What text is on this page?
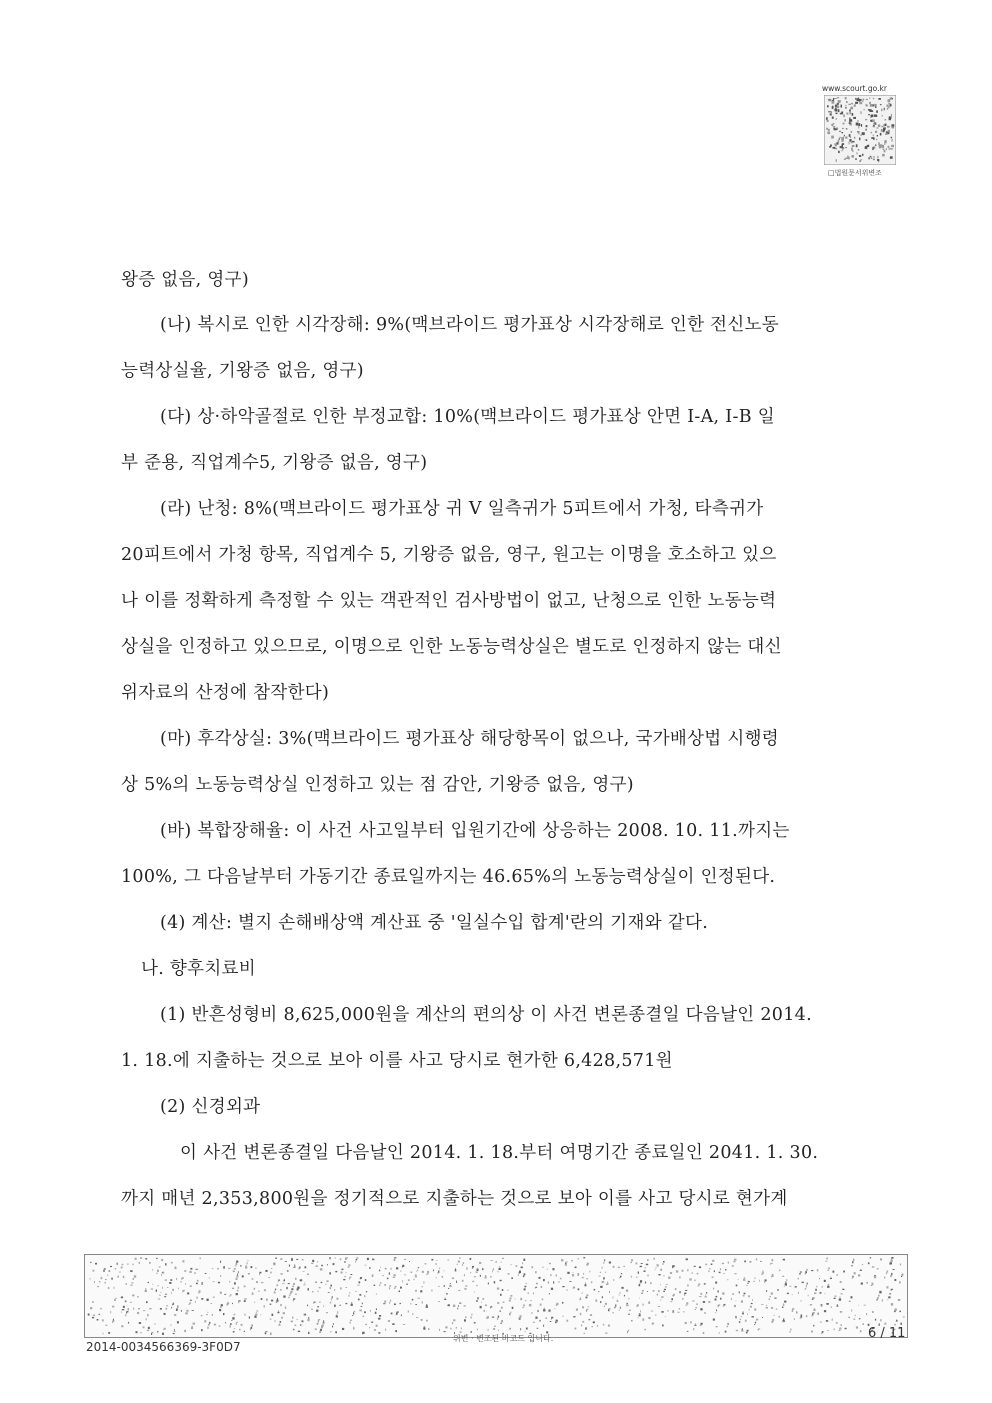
www.scourt.go.kr
□법원문서위변조
왕증 없음, 영구)
(나) 복시로 인한 시각장해: 9%(맥브라이드 평가표상 시각장해로 인한 전신노동
능력상실율, 기왕증 없음, 영구)
(다) 상·하악골절로 인한 부정교합: 10%(맥브라이드 평가표상 안면 I-A, I-B 일
부 준용, 직업계수5, 기왕증 없음, 영구)
(라) 난청: 8%(맥브라이드 평가표상 귀 V 일측귀가 5피트에서 가청, 타측귀가
20피트에서 가청 항목, 직업계수 5, 기왕증 없음, 영구, 원고는 이명을 호소하고 있으
나 이를 정확하게 측정할 수 있는 객관적인 검사방법이 없고, 난청으로 인한 노동능력
상실을 인정하고 있으므로, 이명으로 인한 노동능력상실은 별도로 인정하지 않는 대신
위자료의 산정에 참작한다)
(마) 후각상실: 3%(맥브라이드 평가표상 해당항목이 없으나, 국가배상법 시행령
상 5%의 노동능력상실 인정하고 있는 점 감안, 기왕증 없음, 영구)
(바) 복합장해율: 이 사건 사고일부터 입원기간에 상응하는 2008. 10. 11.까지는
100%, 그 다음날부터 가동기간 종료일까지는 46.65%의 노동능력상실이 인정된다.
(4) 계산: 별지 손해배상액 계산표 중 '일실수입 합계'란의 기재와 같다.
나. 향후치료비
(1) 반흔성형비 8,625,000원을 계산의 편의상 이 사건 변론종결일 다음날인 2014.
1. 18.에 지출하는 것으로 보아 이를 사고 당시로 현가한 6,428,571원
(2) 신경외과
이 사건 변론종결일 다음날인 2014. 1. 18.부터 여명기간 종료일인 2041. 1. 30.
까지 매년 2,353,800원을 정기적으로 지출하는 것으로 보아 이를 사고 당시로 현가계
2014-0034566369-3F0D7
위변 · 변조된 바코드 입니다.	6 / 11
